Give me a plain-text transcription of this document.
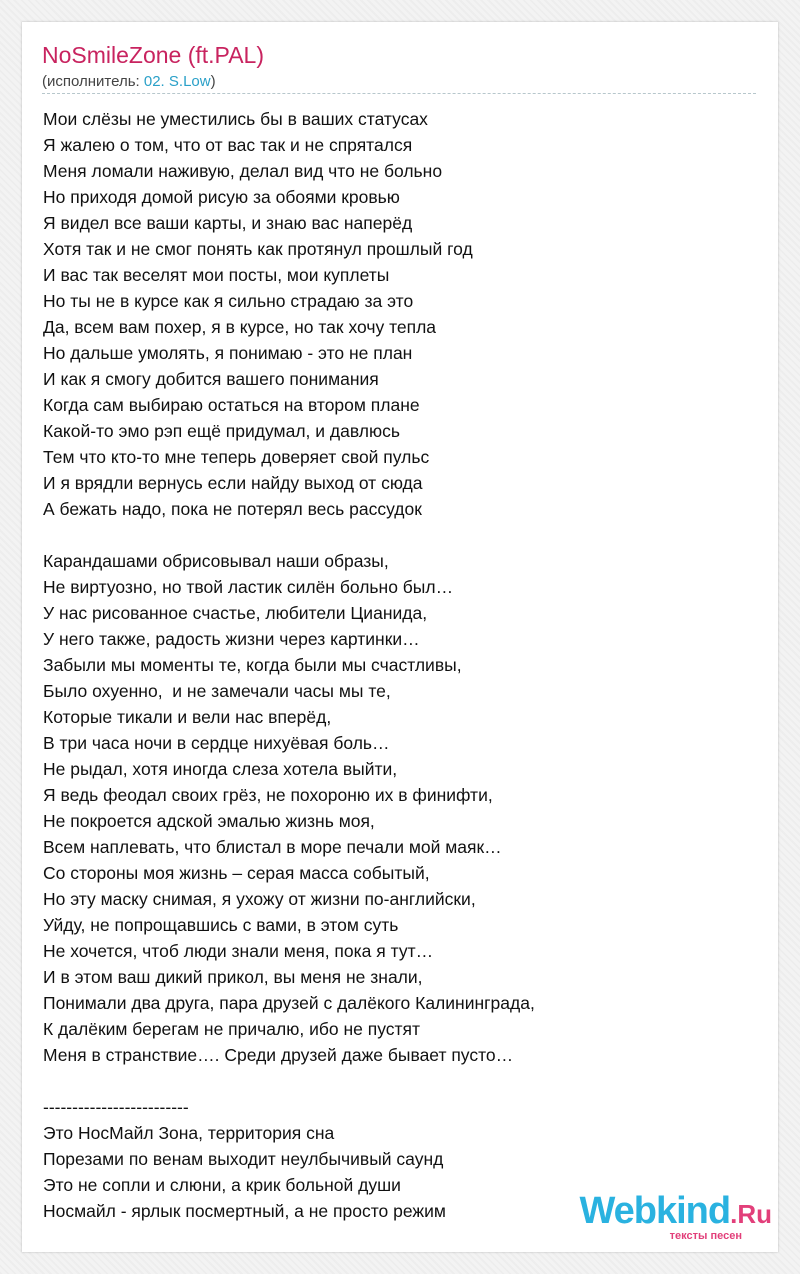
NoSmileZone (ft.PAL)
(исполнитель: 02. S.Low)
Мои слёзы не уместились бы в ваших статусах
Я жалею о том, что от вас так и не спрятался
Меня ломали наживую, делал вид что не больно
Но приходя домой рисую за обоями кровью
Я видел все ваши карты, и знаю вас наперёд
Хотя так и не смог понять как протянул прошлый год
И вас так веселят мои посты, мои куплеты
Но ты не в курсе как я сильно страдаю за это
Да, всем вам похер, я в курсе, но так хочу тепла
Но дальше умолять, я понимаю - это не план
И как я смогу добится вашего понимания
Когда сам выбираю остаться на втором плане
Какой-то эмо рэп ещё придумал, и давлюсь
Тем что кто-то мне теперь доверяет свой пульс
И я врядли вернусь если найду выход от сюда
А бежать надо, пока не потерял весь рассудок
Карандашами обрисовывал наши образы,
Не виртуозно, но твой ластик силён больно был…
У нас рисованное счастье, любители Цианида,
У него также, радость жизни через картинки…
Забыли мы моменты те, когда были мы счастливы,
Было охуенно,  и не замечали часы мы те,
Которые тикали и вели нас вперёд,
В три часа ночи в сердце нихуёвая боль…
Не рыдал, хотя иногда слеза хотела выйти,
Я ведь феодал своих грёз, не похороню их в финифти,
Не покроется адской эмалью жизнь моя,
Всем наплевать, что блистал в море печали мой маяк…
Со стороны моя жизнь – серая масса событый,
Но эту маску снимая, я ухожу от жизни по-английски,
Уйду, не попрощавшись с вами, в этом суть
Не хочется, чтоб люди знали меня, пока я тут…
И в этом ваш дикий прикол, вы меня не знали,
Понимали два друга, пара друзей с далёкого Калининграда,
К далёким берегам не причалю, ибо не пустят
Меня в странствие…. Среди друзей даже бывает пусто…
-------------------------
Это НосМайл Зона, территория сна
Порезами по венам выходит неулбычивый саунд
Это не сопли и слюни, а крик больной души
Носмайл - ярлык посмертный, а не просто режим	Webkind.Ru
тексты песен
